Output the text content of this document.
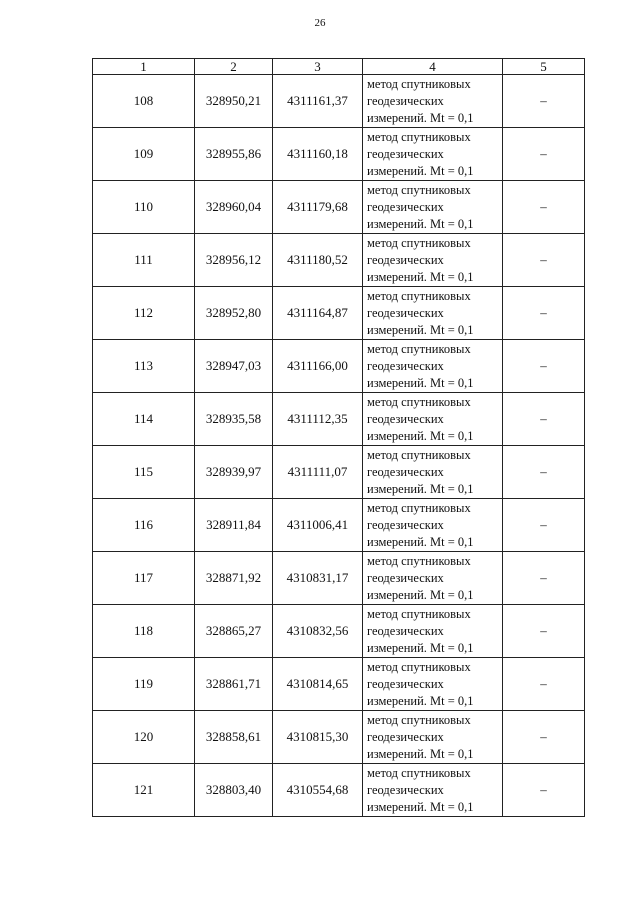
26
1	2	3	4	5
108	328950,21	4311161,37	метод спутниковых
геодезических
измерений. Mt = 0,1	–
109	328955,86	4311160,18	метод спутниковых
геодезических
измерений. Mt = 0,1	–
110	328960,04	4311179,68	метод спутниковых
геодезических
измерений. Mt = 0,1	–
111	328956,12	4311180,52	метод спутниковых
геодезических
измерений. Mt = 0,1	–
112	328952,80	4311164,87	метод спутниковых
геодезических
измерений. Mt = 0,1	–
113	328947,03	4311166,00	метод спутниковых
геодезических
измерений. Mt = 0,1	–
114	328935,58	4311112,35	метод спутниковых
геодезических
измерений. Mt = 0,1	–
115	328939,97	4311111,07	метод спутниковых
геодезических
измерений. Mt = 0,1	–
116	328911,84	4311006,41	метод спутниковых
геодезических
измерений. Mt = 0,1	–
117	328871,92	4310831,17	метод спутниковых
геодезических
измерений. Mt = 0,1	–
118	328865,27	4310832,56	метод спутниковых
геодезических
измерений. Mt = 0,1	–
119	328861,71	4310814,65	метод спутниковых
геодезических
измерений. Mt = 0,1	–
120	328858,61	4310815,30	метод спутниковых
геодезических
измерений. Mt = 0,1	–
121	328803,40	4310554,68	метод спутниковых
геодезических
измерений. Mt = 0,1	–
